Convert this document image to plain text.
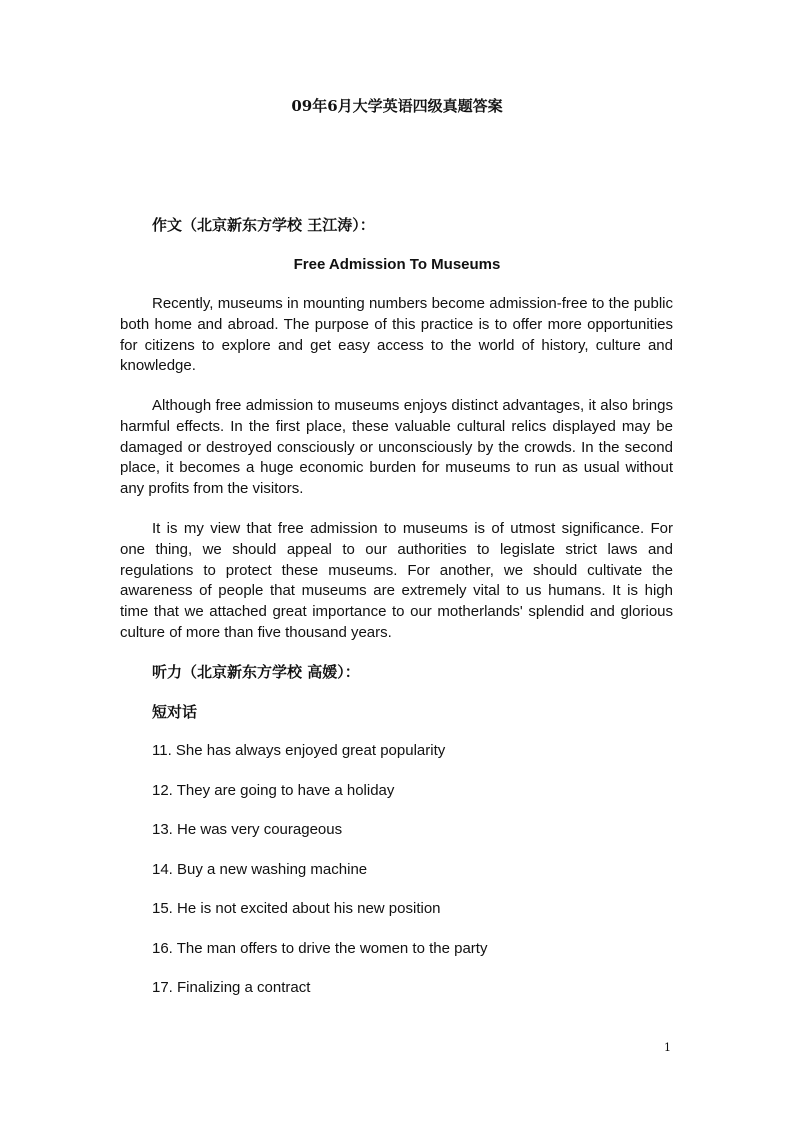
09年6月大学英语四级真题答案
作文（北京新东方学校 王江涛）：
Free Admission To Museums

Recently, museums in mounting numbers become admission-free to the public both home and abroad. The purpose of this practice is to offer more opportunities for citizens to explore and get easy access to the world of history, culture and knowledge.

Although free admission to museums enjoys distinct advantages, it also brings harmful effects. In the first place, these valuable cultural relics displayed may be damaged or destroyed consciously or unconsciously by the crowds. In the second place, it becomes a huge economic burden for museums to run as usual without any profits from the visitors.

It is my view that free admission to museums is of utmost significance. For one thing, we should appeal to our authorities to legislate strict laws and regulations to protect these museums. For another, we should cultivate the awareness of people that museums are extremely vital to us humans. It is high time that we attached great importance to our motherlands' splendid and glorious culture of more than five thousand years.

听力（北京新东方学校 高媛）：
短对话
11. She has always enjoyed great popularity
12. They are going to have a holiday
13. He was very courageous
14. Buy a new washing machine
15. He is not excited about his new position
16. The man offers to drive the women to the party
17. Finalizing a contract
1
